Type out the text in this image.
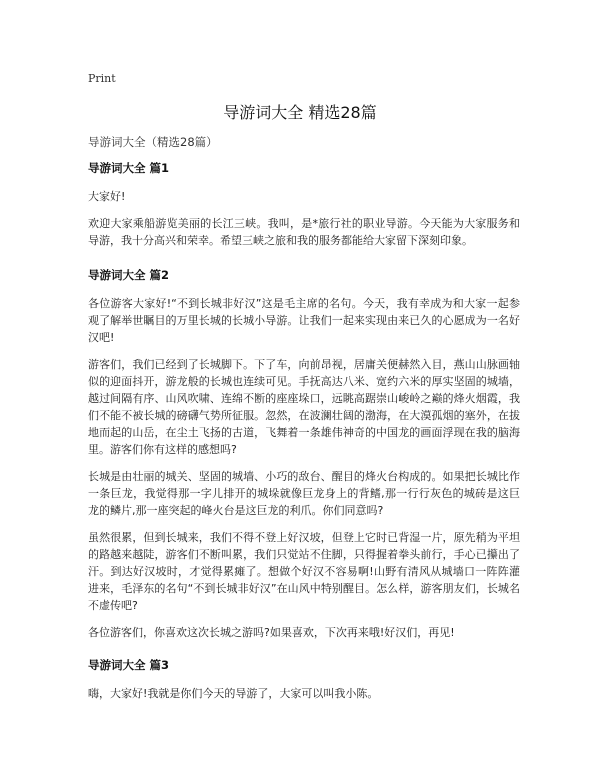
Print
导游词大全 精选28篇
导游词大全（精选28篇）
导游词大全 篇1
大家好!
欢迎大家乘船游览美丽的长江三峡。我叫，是*旅行社的职业导游。今天能为大家服务和导游，我十分高兴和荣幸。希望三峡之旅和我的服务都能给大家留下深刻印象。
导游词大全 篇2
各位游客大家好!“不到长城非好汉”这是毛主席的名句。今天，我有幸成为和大家一起参观了解举世瞩目的万里长城的长城小导游。让我们一起来实现由来已久的心愿成为一名好汉吧!
游客们，我们已经到了长城脚下。下了车，向前昂视，居庸关便赫然入目，燕山山脉画轴似的迎面抖开，游龙般的长城也连续可见。手抚高达八米、宽约六米的厚实坚固的城墙，越过间隔有序、山风吹啸、连绵不断的座座垛口，远眺高踞崇山峻岭之巅的烽火烟霞，我们不能不被长城的磅礴气势所征服。忽然，在波澜壮阔的渤海，在大漠孤烟的塞外，在拔地而起的山岳，在尘土飞扬的古道，飞舞着一条雄伟神奇的中国龙的画面浮现在我的脑海里。游客们你有这样的感想吗?
长城是由壮丽的城关、坚固的城墙、小巧的敌台、醒目的烽火台构成的。如果把长城比作一条巨龙，我觉得那一字儿排开的城垛就像巨龙身上的背鳍,那一行行灰色的城砖是这巨龙的鳞片,那一座突起的峰火台是这巨龙的利爪。你们同意吗?
虽然很累，但到长城来，我们不得不登上好汉坡，但登上它时已背湿一片，原先稍为平坦的路越来越陡，游客们不断叫累，我们只觉站不住脚，只得握着拳头前行，手心已攥出了汗。到达好汉坡时，才觉得累瘫了。想做个好汉不容易啊!山野有清风从城墙口一阵阵灌进来，毛泽东的名句“不到长城非好汉”在山风中特别醒目。怎么样，游客朋友们，长城名不虚传吧?
各位游客们，你喜欢这次长城之游吗?如果喜欢，下次再来哦!好汉们，再见!
导游词大全 篇3
嗨，大家好!我就是你们今天的导游了，大家可以叫我小陈。
